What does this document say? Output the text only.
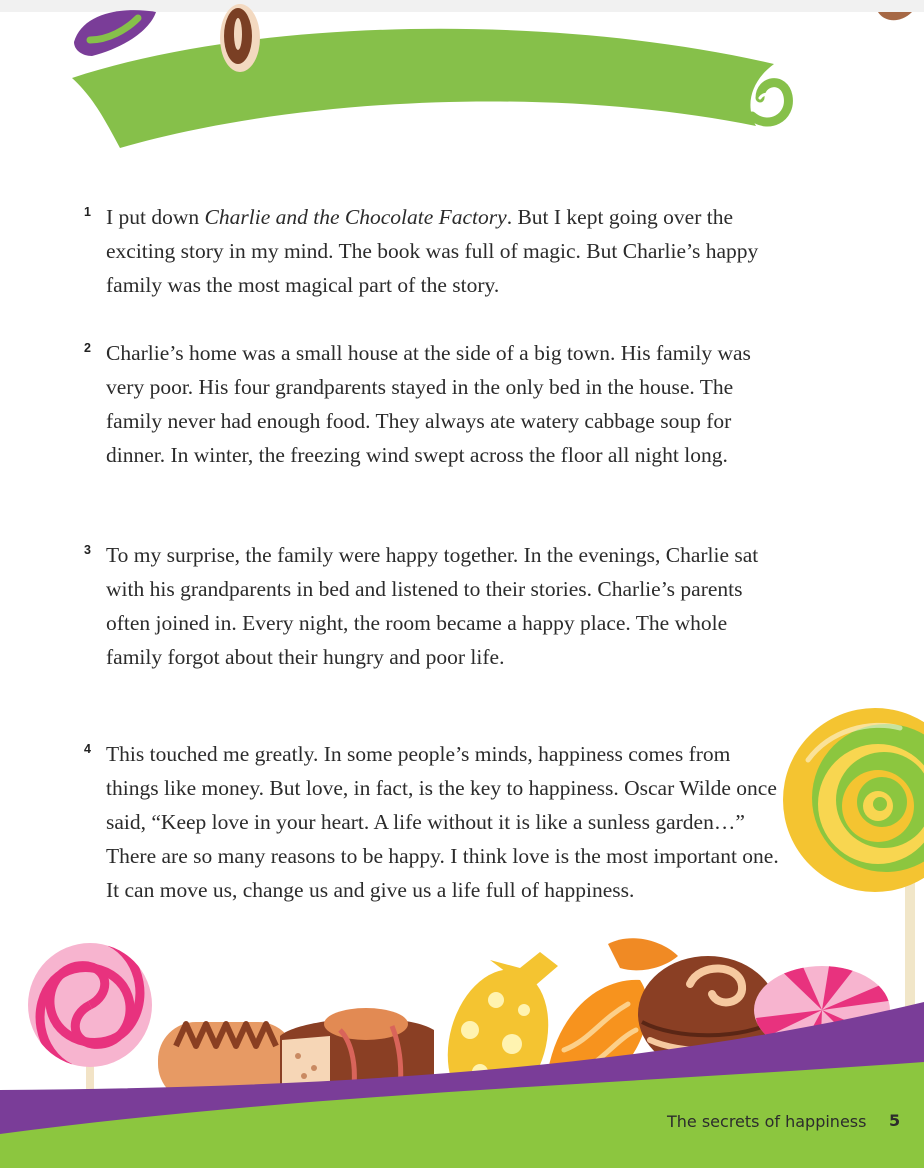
1 I put down Charlie and the Chocolate Factory. But I kept going over the exciting story in my mind. The book was full of magic. But Charlie’s happy family was the most magical part of the story.
2 Charlie’s home was a small house at the side of a big town. His family was very poor. His four grandparents stayed in the only bed in the house. The family never had enough food. They always ate watery cabbage soup for dinner. In winter, the freezing wind swept across the floor all night long.
3 To my surprise, the family were happy together. In the evenings, Charlie sat with his grandparents in bed and listened to their stories. Charlie’s parents often joined in. Every night, the room became a happy place. The whole family forgot about their hungry and poor life.
4 This touched me greatly. In some people’s minds, happiness comes from things like money. But love, in fact, is the key to happiness. Oscar Wilde once said, “Keep love in your heart. A life without it is like a sunless garden…” There are so many reasons to be happy. I think love is the most important one. It can move us, change us and give us a life full of happiness.
The secrets of happiness 5
